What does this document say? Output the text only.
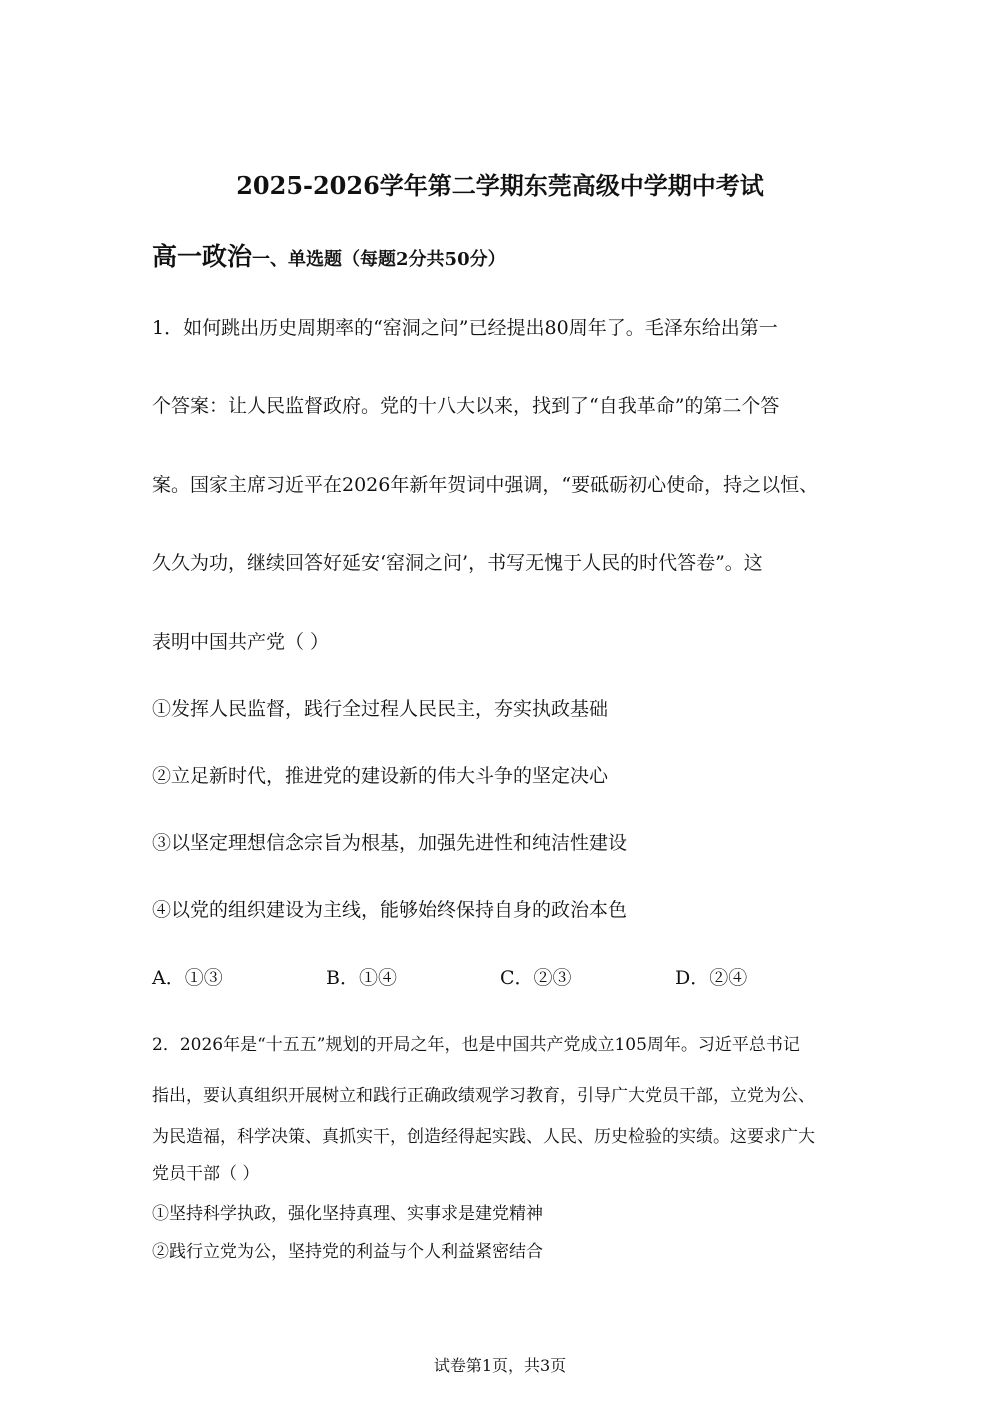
2025-2026学年第二学期东莞高级中学期中考试
高一政治一、单选题（每题2分共50分）
1．如何跳出历史周期率的“窑洞之问”已经提出80周年了。毛泽东给出第一
个答案：让人民监督政府。党的十八大以来，找到了“自我革命”的第二个答
案。国家主席习近平在2026年新年贺词中强调，“要砥砺初心使命，持之以恒、
久久为功，继续回答好延安‘窑洞之问’，书写无愧于人民的时代答卷”。这
表明中国共产党（ ）
①发挥人民监督，践行全过程人民民主，夯实执政基础
②立足新时代，推进党的建设新的伟大斗争的坚定决心
③以坚定理想信念宗旨为根基，加强先进性和纯洁性建设
④以党的组织建设为主线，能够始终保持自身的政治本色
A．①③	B．①④	C．②③	D．②④
2．2026年是“十五五”规划的开局之年，也是中国共产党成立105周年。习近平总书记
指出，要认真组织开展树立和践行正确政绩观学习教育，引导广大党员干部，立党为公、
为民造福，科学决策、真抓实干，创造经得起实践、人民、历史检验的实绩。这要求广大
党员干部（ ）
①坚持科学执政，强化坚持真理、实事求是建党精神
②践行立党为公，坚持党的利益与个人利益紧密结合
试卷第1页，共3页
